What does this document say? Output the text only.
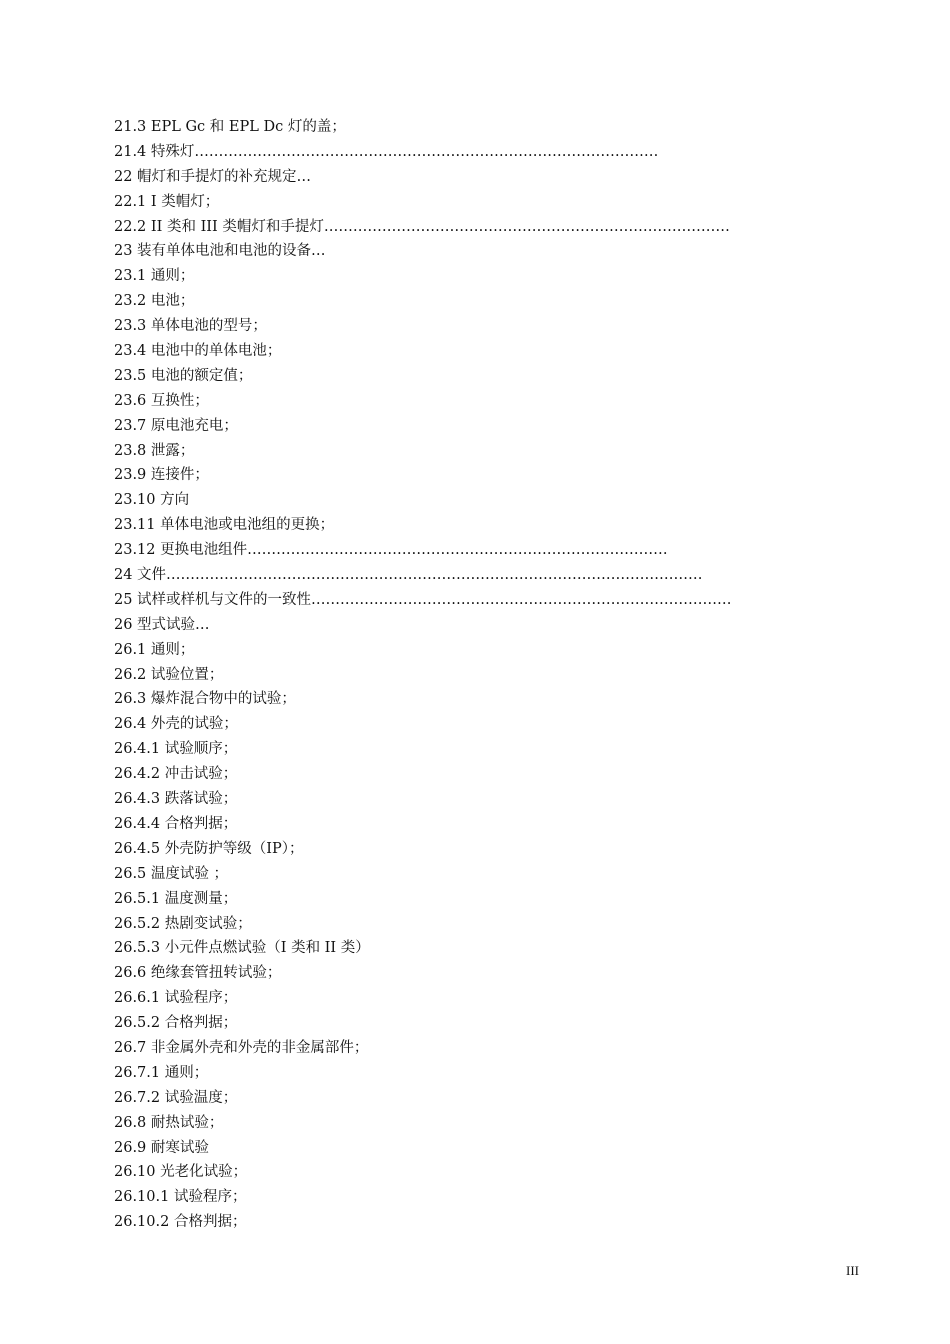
21.3 EPL Gc 和 EPL Dc 灯的盖；
21.4 特殊灯……………………………………………………………………………………
22 帽灯和手提灯的补充规定…
22.1 I 类帽灯；
22.2 II 类和 III 类帽灯和手提灯…………………………………………………………………………
23 装有单体电池和电池的设备…
23.1 通则；
23.2 电池；
23.3 单体电池的型号；
23.4 电池中的单体电池；
23.5 电池的额定值；
23.6 互换性；
23.7 原电池充电；
23.8 泄露；
23.9 连接件；
23.10 方向
23.11 单体电池或电池组的更换；
23.12 更换电池组件……………………………………………………………………………
24 文件…………………………………………………………………………………………………
25 试样或样机与文件的一致性……………………………………………………………………………
26 型式试验…
26.1 通则；
26.2 试验位置；
26.3 爆炸混合物中的试验；
26.4 外壳的试验；
26.4.1 试验顺序；
26.4.2 冲击试验；
26.4.3 跌落试验；
26.4.4 合格判据；
26.4.5 外壳防护等级（IP）；
26.5 温度试验 ；
26.5.1 温度测量；
26.5.2 热剧变试验；
26.5.3 小元件点燃试验（I 类和 II 类）
26.6 绝缘套管扭转试验；
26.6.1 试验程序；
26.5.2 合格判据；
26.7 非金属外壳和外壳的非金属部件；
26.7.1 通则；
26.7.2 试验温度；
26.8 耐热试验；
26.9 耐寒试验
26.10 光老化试验；
26.10.1 试验程序；
26.10.2 合格判据；
III
